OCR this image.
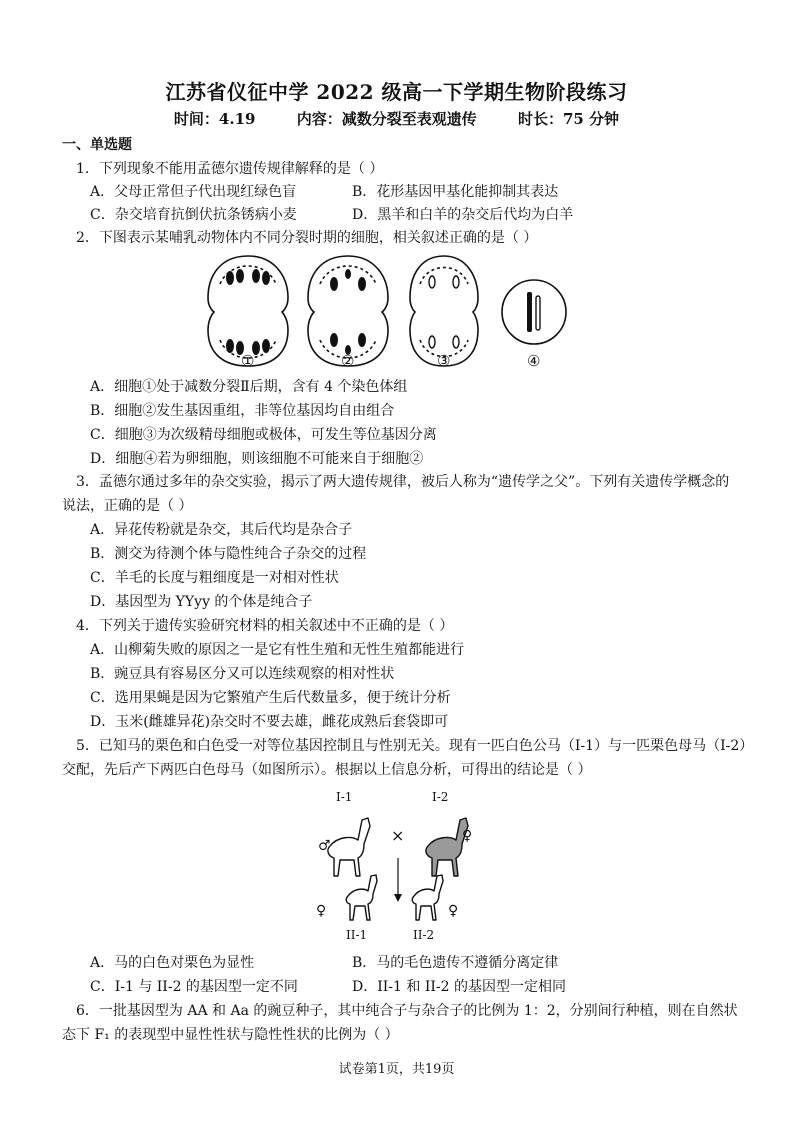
江苏省仪征中学 2022 级高一下学期生物阶段练习
时间：4.19	内容：减数分裂至表观遗传	时长：75 分钟
一、单选题
1．下列现象不能用孟德尔遗传规律解释的是（ ）
A．父母正常但子代出现红绿色盲	B．花形基因甲基化能抑制其表达
C．杂交培育抗倒伏抗条锈病小麦	D．黑羊和白羊的杂交后代均为白羊
2．下图表示某哺乳动物体内不同分裂时期的细胞，相关叙述正确的是（ ）
①	②	③	④
A．细胞①处于减数分裂Ⅱ后期，含有 4 个染色体组
B．细胞②发生基因重组，非等位基因均自由组合
C．细胞③为次级精母细胞或极体，可发生等位基因分离
D．细胞④若为卵细胞，则该细胞不可能来自于细胞②
3．孟德尔通过多年的杂交实验，揭示了两大遗传规律，被后人称为“遗传学之父”。下列有关遗传学概念的
说法，正确的是（ ）
A．异花传粉就是杂交，其后代均是杂合子
B．测交为待测个体与隐性纯合子杂交的过程
C．羊毛的长度与粗细度是一对相对性状
D．基因型为 YYyy 的个体是纯合子
4．下列关于遗传实验研究材料的相关叙述中不正确的是（ ）
A．山柳菊失败的原因之一是它有性生殖和无性生殖都能进行
B．豌豆具有容易区分又可以连续观察的相对性状
C．选用果蝇是因为它繁殖产生后代数量多，便于统计分析
D．玉米(雌雄异花)杂交时不要去雄，雌花成熟后套袋即可
5．已知马的栗色和白色受一对等位基因控制且与性别无关。现有一匹白色公马（I-1）与一匹栗色母马（I-2）
交配，先后产下两匹白色母马（如图所示）。根据以上信息分析，可得出的结论是（ ）
I-1	I-2
♂
♀
×
♀	♀
II-1	II-2
A．马的白色对栗色为显性	B．马的毛色遗传不遵循分离定律
C．I-1 与 II-2 的基因型一定不同	D．II-1 和 II-2 的基因型一定相同
6．一批基因型为 AA 和 Aa 的豌豆种子，其中纯合子与杂合子的比例为 1：2，分别间行种植，则在自然状
态下 F₁ 的表现型中显性性状与隐性性状的比例为（ ）
试卷第1页，共19页
